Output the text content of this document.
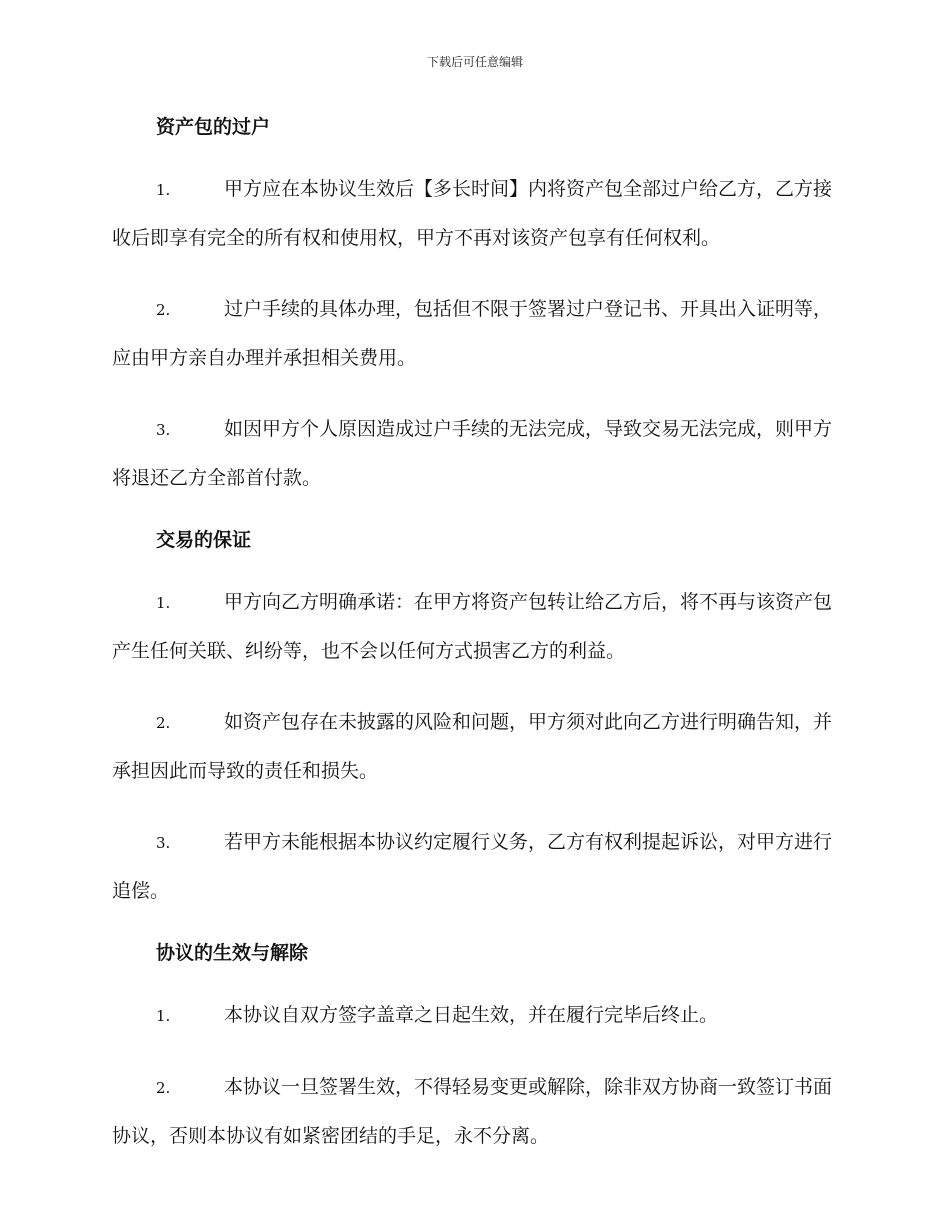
下载后可任意编辑
资产包的过户
1.	甲方应在本协议生效后【多长时间】内将资产包全部过户给乙方，乙方接收后即享有完全的所有权和使用权，甲方不再对该资产包享有任何权利。
2.	过户手续的具体办理，包括但不限于签署过户登记书、开具出入证明等，应由甲方亲自办理并承担相关费用。
3.	如因甲方个人原因造成过户手续的无法完成，导致交易无法完成，则甲方将退还乙方全部首付款。
交易的保证
1.	甲方向乙方明确承诺：在甲方将资产包转让给乙方后，将不再与该资产包产生任何关联、纠纷等，也不会以任何方式损害乙方的利益。
2.	如资产包存在未披露的风险和问题，甲方须对此向乙方进行明确告知，并承担因此而导致的责任和损失。
3.	若甲方未能根据本协议约定履行义务，乙方有权利提起诉讼，对甲方进行追偿。
协议的生效与解除
1.	本协议自双方签字盖章之日起生效，并在履行完毕后终止。
2.	本协议一旦签署生效，不得轻易变更或解除，除非双方协商一致签订书面协议，否则本协议有如紧密团结的手足，永不分离。
